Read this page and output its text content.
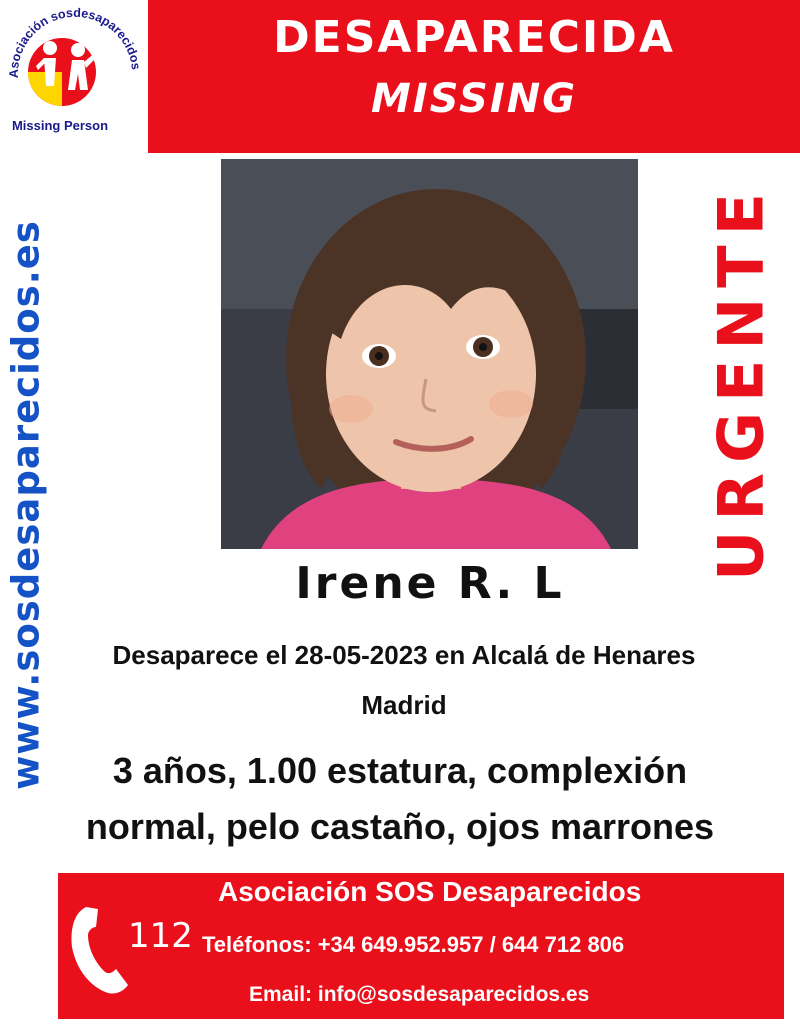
Asociación sosdesaparecidos
Missing Person
DESAPARECIDA
MISSING
www.sosdesaparecidos.es	URGENTE
Irene R. L
Desaparece el 28-05-2023 en Alcalá de Henares
Madrid
3 años, 1.00 estatura, complexión
normal, pelo castaño, ojos marrones
112
Asociación SOS Desaparecidos
Teléfonos: +34 649.952.957 / 644 712 806
Email: info@sosdesaparecidos.es
